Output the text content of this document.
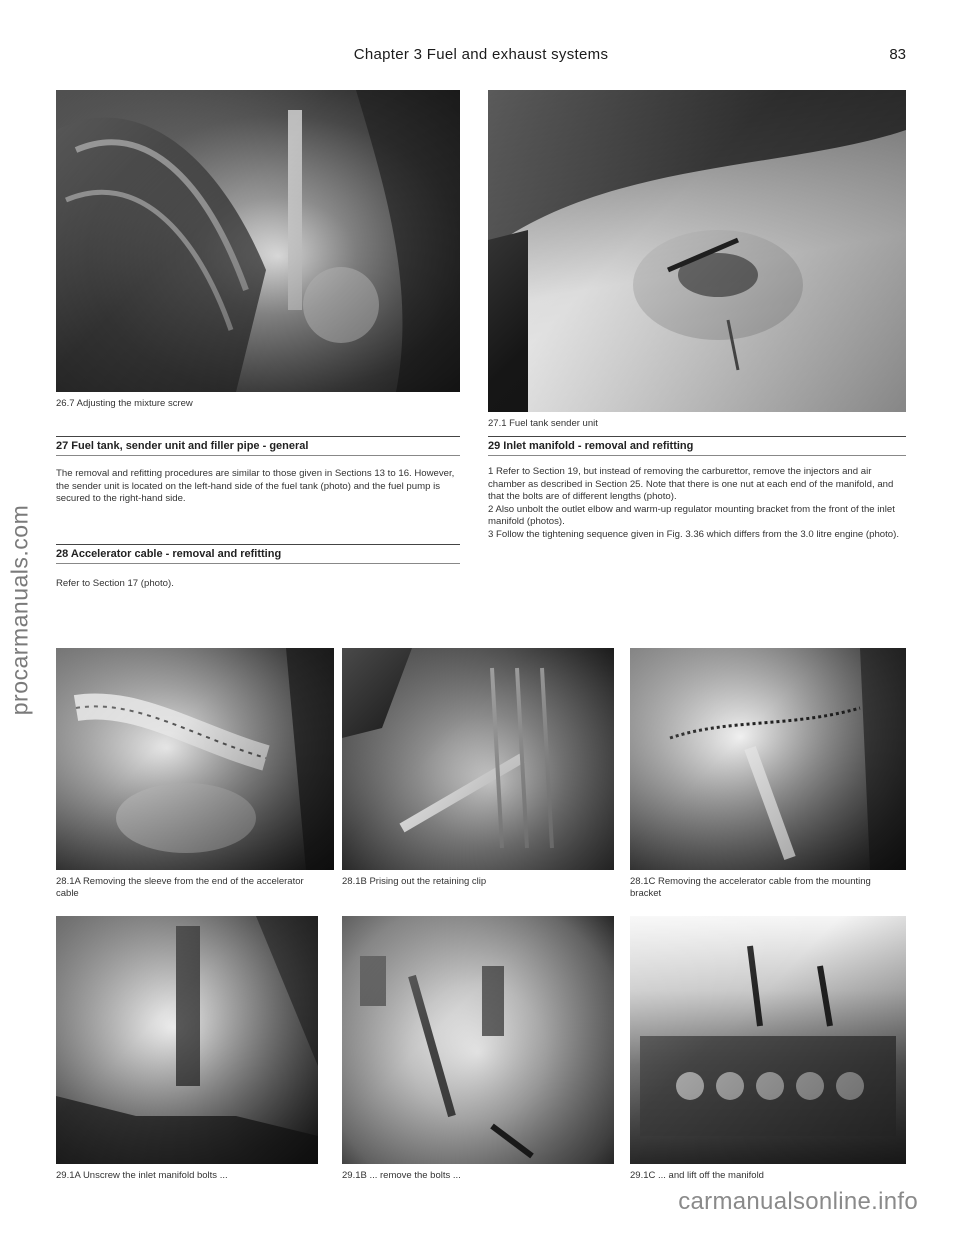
procarmanuals.com
carmanualsonline.info
Chapter 3 Fuel and exhaust systems	83
26.7 Adjusting the mixture screw
27.1 Fuel tank sender unit
27 Fuel tank, sender unit and filler pipe - general

The removal and refitting procedures are similar to those given in Sections 13 to 16. However, the sender unit is located on the left-hand side of the fuel tank (photo) and the fuel pump is secured to the right-hand side.

28 Accelerator cable - removal and refitting

Refer to Section 17 (photo).

29 Inlet manifold - removal and refitting

1 Refer to Section 19, but instead of removing the carburettor, remove the injectors and air chamber as described in Section 25. Note that there is one nut at each end of the manifold, and that the bolts are of different lengths (photo).

2 Also unbolt the outlet elbow and warm-up regulator mounting bracket from the front of the inlet manifold (photos).

3 Follow the tightening sequence given in Fig. 3.36 which differs from the 3.0 litre engine (photo).

28.1A Removing the sleeve from the end of the accelerator cable
28.1B Prising out the retaining clip	28.1C Removing the accelerator cable from the mounting bracket
29.1A Unscrew the inlet manifold bolts ...	29.1B ... remove the bolts ...	29.1C ... and lift off the manifold
